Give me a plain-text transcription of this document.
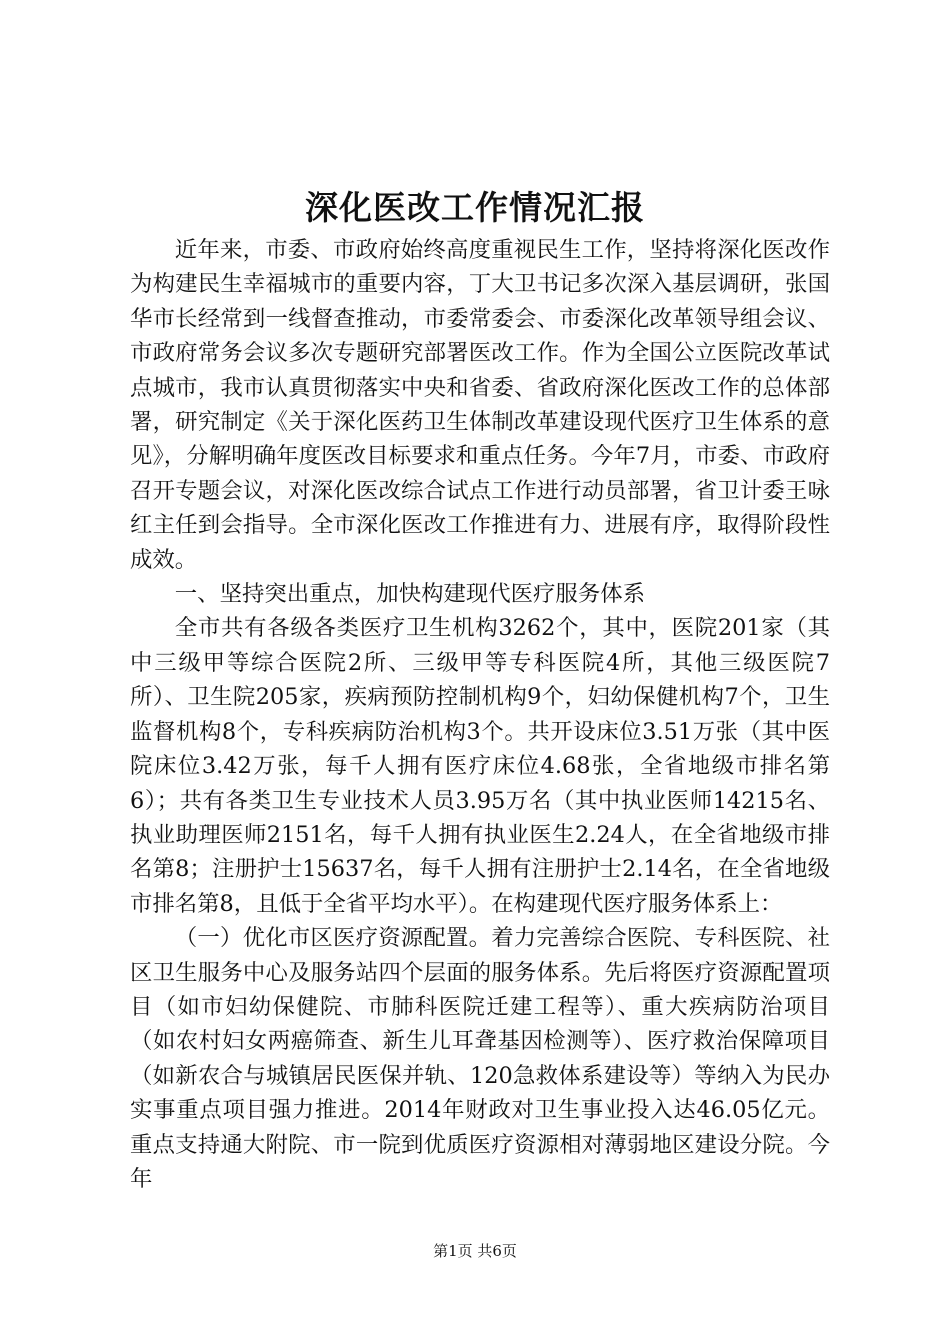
深化医改工作情况汇报

近年来，市委、市政府始终高度重视民生工作，坚持将深化医改作为构建民生幸福城市的重要内容，丁大卫书记多次深入基层调研，张国华市长经常到一线督查推动，市委常委会、市委深化改革领导组会议、市政府常务会议多次专题研究部署医改工作。作为全国公立医院改革试点城市，我市认真贯彻落实中央和省委、省政府深化医改工作的总体部署，研究制定《关于深化医药卫生体制改革建设现代医疗卫生体系的意见》，分解明确年度医改目标要求和重点任务。今年7月，市委、市政府召开专题会议，对深化医改综合试点工作进行动员部署，省卫计委王咏红主任到会指导。全市深化医改工作推进有力、进展有序，取得阶段性成效。

一、坚持突出重点，加快构建现代医疗服务体系

全市共有各级各类医疗卫生机构3262个，其中，医院201家（其中三级甲等综合医院2所、三级甲等专科医院4所，其他三级医院7所）、卫生院205家，疾病预防控制机构9个，妇幼保健机构7个，卫生监督机构8个，专科疾病防治机构3个。共开设床位3.51万张（其中医院床位3.42万张，每千人拥有医疗床位4.68张，全省地级市排名第6）；共有各类卫生专业技术人员3.95万名（其中执业医师14215名、执业助理医师2151名，每千人拥有执业医生2.24人，在全省地级市排名第8；注册护士15637名，每千人拥有注册护士2.14名，在全省地级市排名第8，且低于全省平均水平）。在构建现代医疗服务体系上：

（一）优化市区医疗资源配置。着力完善综合医院、专科医院、社区卫生服务中心及服务站四个层面的服务体系。先后将医疗资源配置项目（如市妇幼保健院、市肺科医院迁建工程等）、重大疾病防治项目（如农村妇女两癌筛查、新生儿耳聋基因检测等）、医疗救治保障项目（如新农合与城镇居民医保并轨、120急救体系建设等）等纳入为民办实事重点项目强力推进。2014年财政对卫生事业投入达46.05亿元。重点支持通大附院、市一院到优质医疗资源相对薄弱地区建设分院。今年

第1页 共6页
